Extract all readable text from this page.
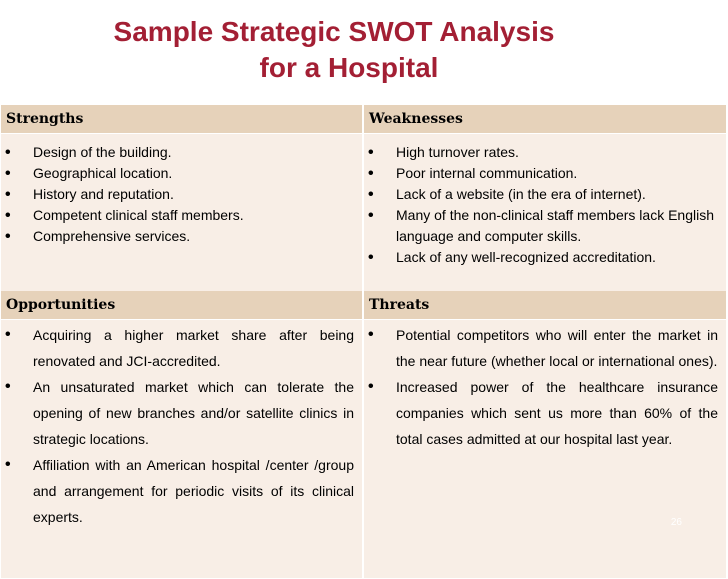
Sample Strategic SWOT Analysis
for a Hospital
Strengths	Weaknesses
• Design of the building.
• Geographical location.
• History and reputation.
• Competent clinical staff members.
• Comprehensive services.
• High turnover rates.
• Poor internal communication.
• Lack of a website (in the era of internet).
• Many of the non-clinical staff members lack English language and computer skills.
• Lack of any well-recognized accreditation.
Opportunities	Threats
• Acquiring a higher market share after being renovated and JCI-accredited.
• An unsaturated market which can tolerate the opening of new branches and/or satellite clinics in strategic locations.
• Affiliation with an American hospital /center /group and arrangement for periodic visits of its clinical experts.
• Potential competitors who will enter the market in the near future (whether local or international ones).
• Increased power of the healthcare insurance companies which sent us more than 60% of the total cases admitted at our hospital last year.
26
